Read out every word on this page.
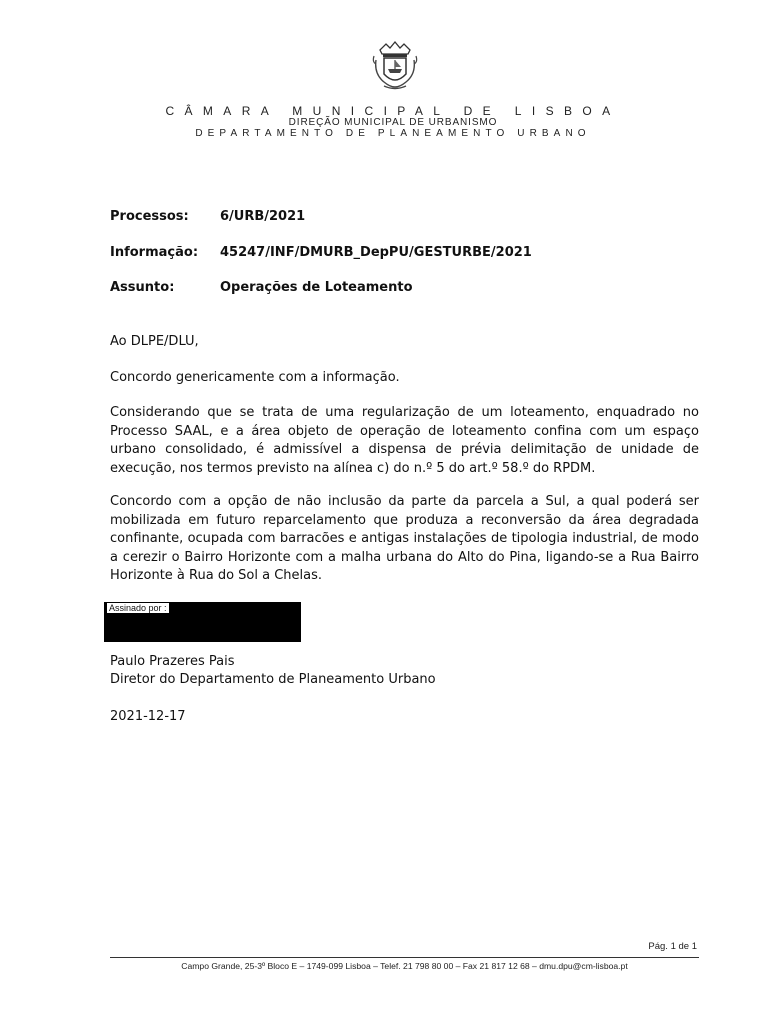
CÂMARA MUNICIPAL DE LISBOA
DIREÇÃO MUNICIPAL DE URBANISMO
DEPARTAMENTO DE PLANEAMENTO URBANO
Processos: 6/URB/2021
Informação: 45247/INF/DMURB_DepPU/GESTURBE/2021
Assunto:	Operações de Loteamento
Ao DLPE/DLU,
Concordo genericamente com a informação.

Considerando que se trata de uma regularização de um loteamento, enquadrado no Processo SAAL, e a área objeto de operação de loteamento confina com um espaço urbano consolidado, é admissível a dispensa de prévia delimitação de unidade de execução, nos termos previsto na alínea c) do n.º 5 do art.º 58.º do RPDM.

Concordo com a opção de não inclusão da parte da parcela a Sul, a qual poderá ser mobilizada em futuro reparcelamento que produza a reconversão da área degradada confinante, ocupada com barracões e antigas instalações de tipologia industrial, de modo a cerezir o Bairro Horizonte com a malha urbana do Alto do Pina, ligando-se a Rua Bairro Horizonte à Rua do Sol a Chelas.

Assinado por :
Paulo Prazeres Pais
Diretor do Departamento de Planeamento Urbano
2021-12-17
Pág. 1 de 1
Campo Grande, 25-3º Bloco E – 1749-099 Lisboa – Telef. 21 798 80 00 – Fax 21 817 12 68 – dmu.dpu@cm-lisboa.pt
